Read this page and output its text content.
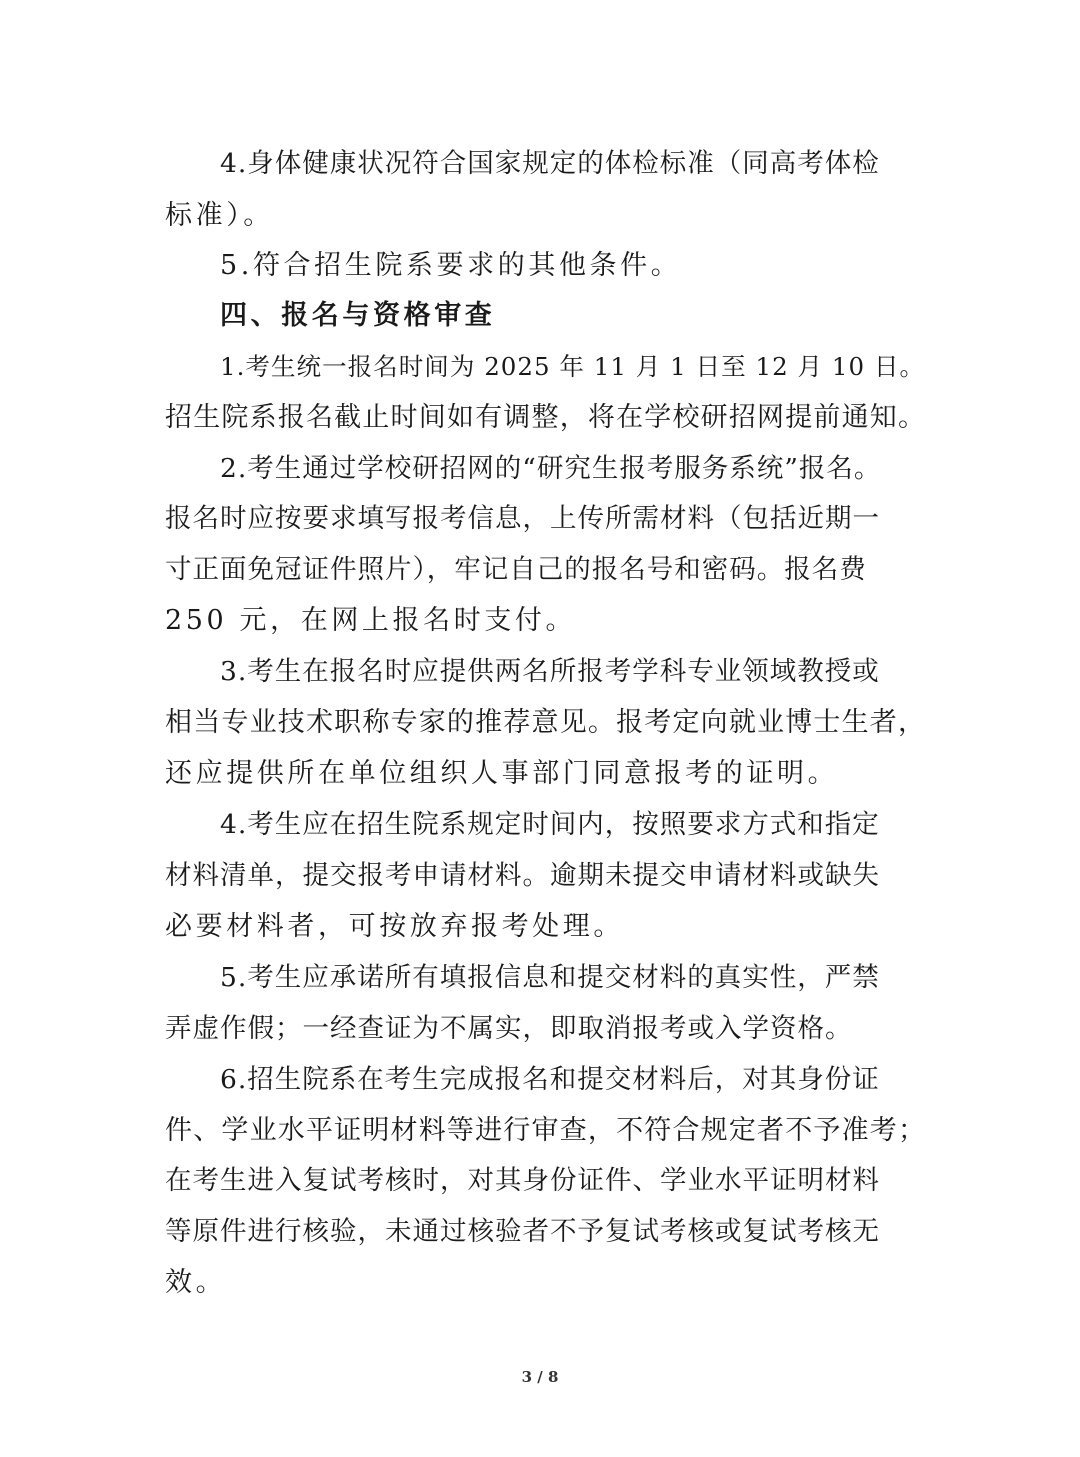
4.身体健康状况符合国家规定的体检标准（同高考体检
标准）。
5.符合招生院系要求的其他条件。
四、报名与资格审查
1.考生统一报名时间为 2025 年 11 月 1 日至 12 月 10 日。
招生院系报名截止时间如有调整，将在学校研招网提前通知。
2.考生通过学校研招网的“研究生报考服务系统”报名。
报名时应按要求填写报考信息，上传所需材料（包括近期一
寸正面免冠证件照片），牢记自己的报名号和密码。报名费
250 元，在网上报名时支付。
3.考生在报名时应提供两名所报考学科专业领域教授或
相当专业技术职称专家的推荐意见。报考定向就业博士生者，
还应提供所在单位组织人事部门同意报考的证明。
4.考生应在招生院系规定时间内，按照要求方式和指定
材料清单，提交报考申请材料。逾期未提交申请材料或缺失
必要材料者，可按放弃报考处理。
5.考生应承诺所有填报信息和提交材料的真实性，严禁
弄虚作假；一经查证为不属实，即取消报考或入学资格。
6.招生院系在考生完成报名和提交材料后，对其身份证
件、学业水平证明材料等进行审查，不符合规定者不予准考；
在考生进入复试考核时，对其身份证件、学业水平证明材料
等原件进行核验，未通过核验者不予复试考核或复试考核无
效。
3 / 8
